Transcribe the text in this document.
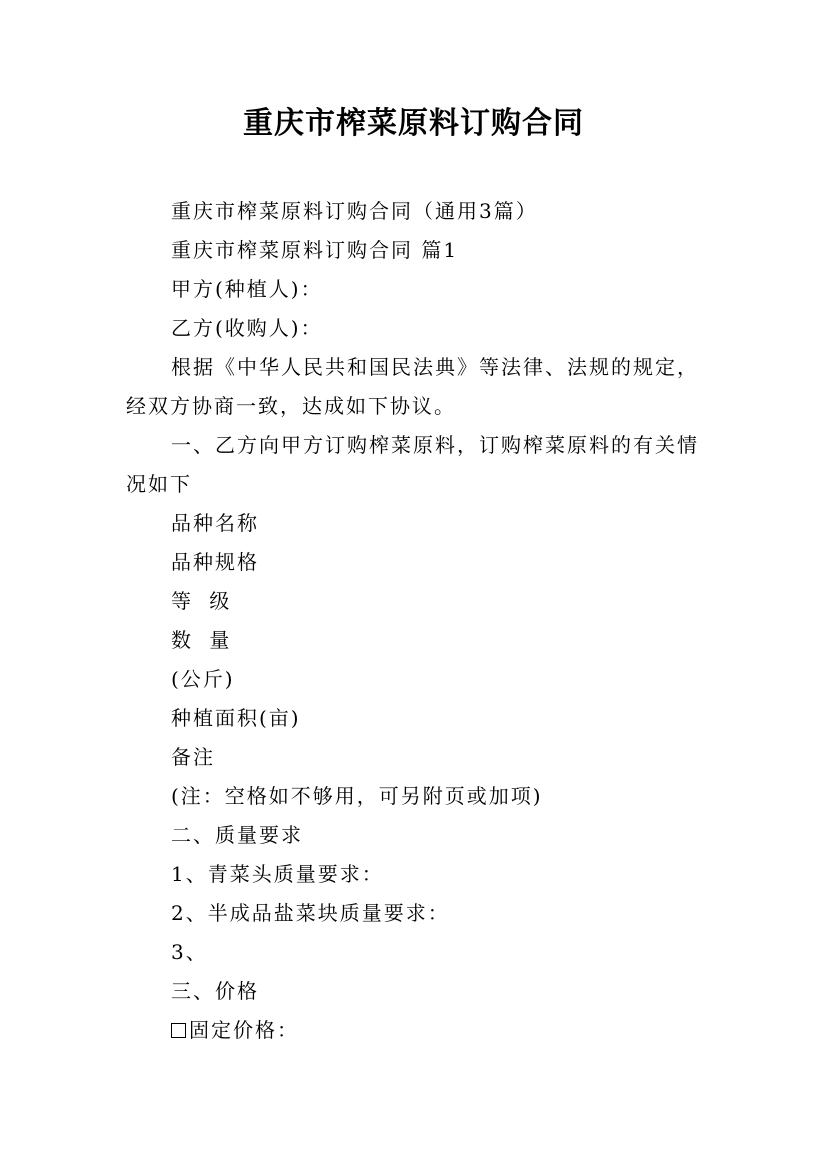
重庆市榨菜原料订购合同
重庆市榨菜原料订购合同（通用3篇）
重庆市榨菜原料订购合同 篇1
甲方(种植人)：
乙方(收购人)：
根据《中华人民共和国民法典》等法律、法规的规定，
经双方协商一致，达成如下协议。
一、乙方向甲方订购榨菜原料，订购榨菜原料的有关情
况如下
品种名称
品种规格
等 级
数 量
(公斤)
种植面积(亩)
备注
(注：空格如不够用，可另附页或加项)
二、质量要求
1、青菜头质量要求：
2、半成品盐菜块质量要求：
3、
三、价格
固定价格：
